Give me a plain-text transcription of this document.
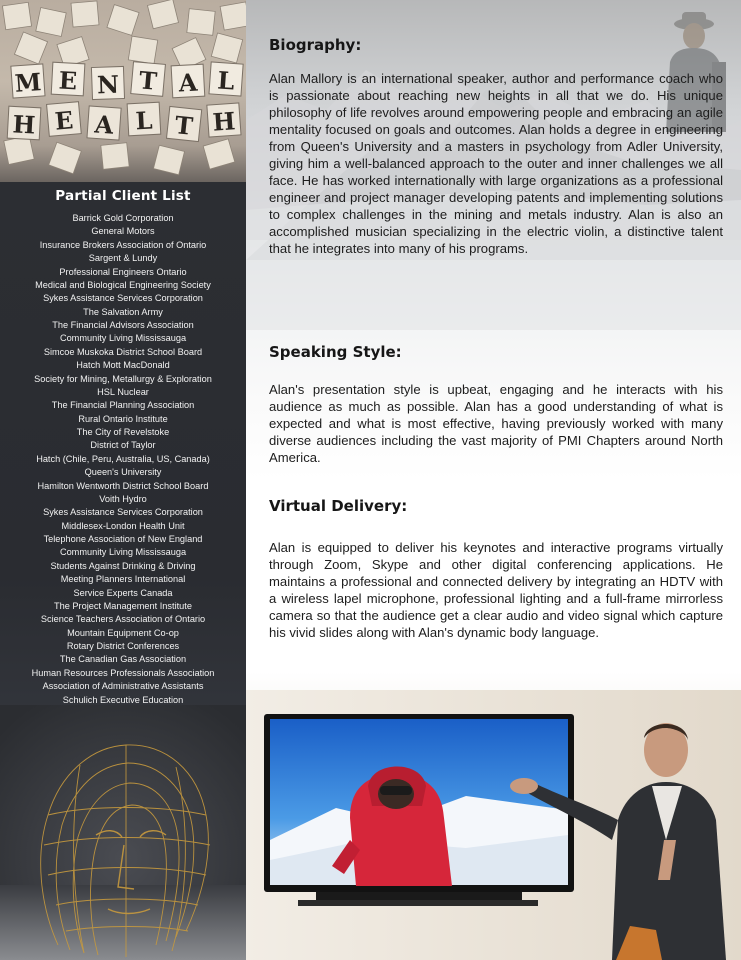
M E N T A L
H E A L T H
Partial Client List
Barrick Gold Corporation
General Motors
Insurance Brokers Association of Ontario
Sargent & Lundy
Professional Engineers Ontario
Medical and Biological Engineering Society
Sykes Assistance Services Corporation
The Salvation Army
The Financial Advisors Association
Community Living Mississauga
Simcoe Muskoka District School Board
Hatch Mott MacDonald
Society for Mining, Metallurgy & Exploration
HSL Nuclear
The Financial Planning Association
Rural Ontario Institute
The City of Revelstoke
District of Taylor
Hatch (Chile, Peru, Australia, US, Canada)
Queen's University
Hamilton Wentworth District School Board
Voith Hydro
Sykes Assistance Services Corporation
Middlesex-London Health Unit
Telephone Association of New England
Community Living Mississauga
Students Against Drinking & Driving
Meeting Planners International
Service Experts Canada
The Project Management Institute
Science Teachers Association of Ontario
Mountain Equipment Co-op
Rotary District Conferences
The Canadian Gas Association
Human Resources Professionals Association
Association of Administrative Assistants
Schulich Executive Education
Biography:

Alan Mallory is an international speaker, author and performance coach who is passionate about reaching new heights in all that we do. His unique philosophy of life revolves around empowering people and embracing an agile mentality focused on goals and outcomes. Alan holds a degree in engineering from Queen's University and a masters in psychology from Adler University, giving him a well-balanced approach to the outer and inner challenges we all face. He has worked internationally with large organizations as a professional engineer and project manager developing patents and implementing solutions to complex challenges in the mining and metals industry. Alan is also an accomplished musician specializing in the electric violin, a distinctive talent that he integrates into many of his programs.

Speaking Style:

Alan's presentation style is upbeat, engaging and he interacts with his audience as much as possible. Alan has a good understanding of what is expected and what is most effective, having previously worked with many diverse audiences including the vast majority of PMI Chapters around North America.

Virtual Delivery:

Alan is equipped to deliver his keynotes and interactive programs virtually through Zoom, Skype and other digital conferencing applications. He maintains a professional and connected delivery by integrating an HDTV with a wireless lapel microphone, professional lighting and a full-frame mirrorless camera so that the audience get a clear audio and video signal which capture his vivid slides along with Alan's dynamic body language.
